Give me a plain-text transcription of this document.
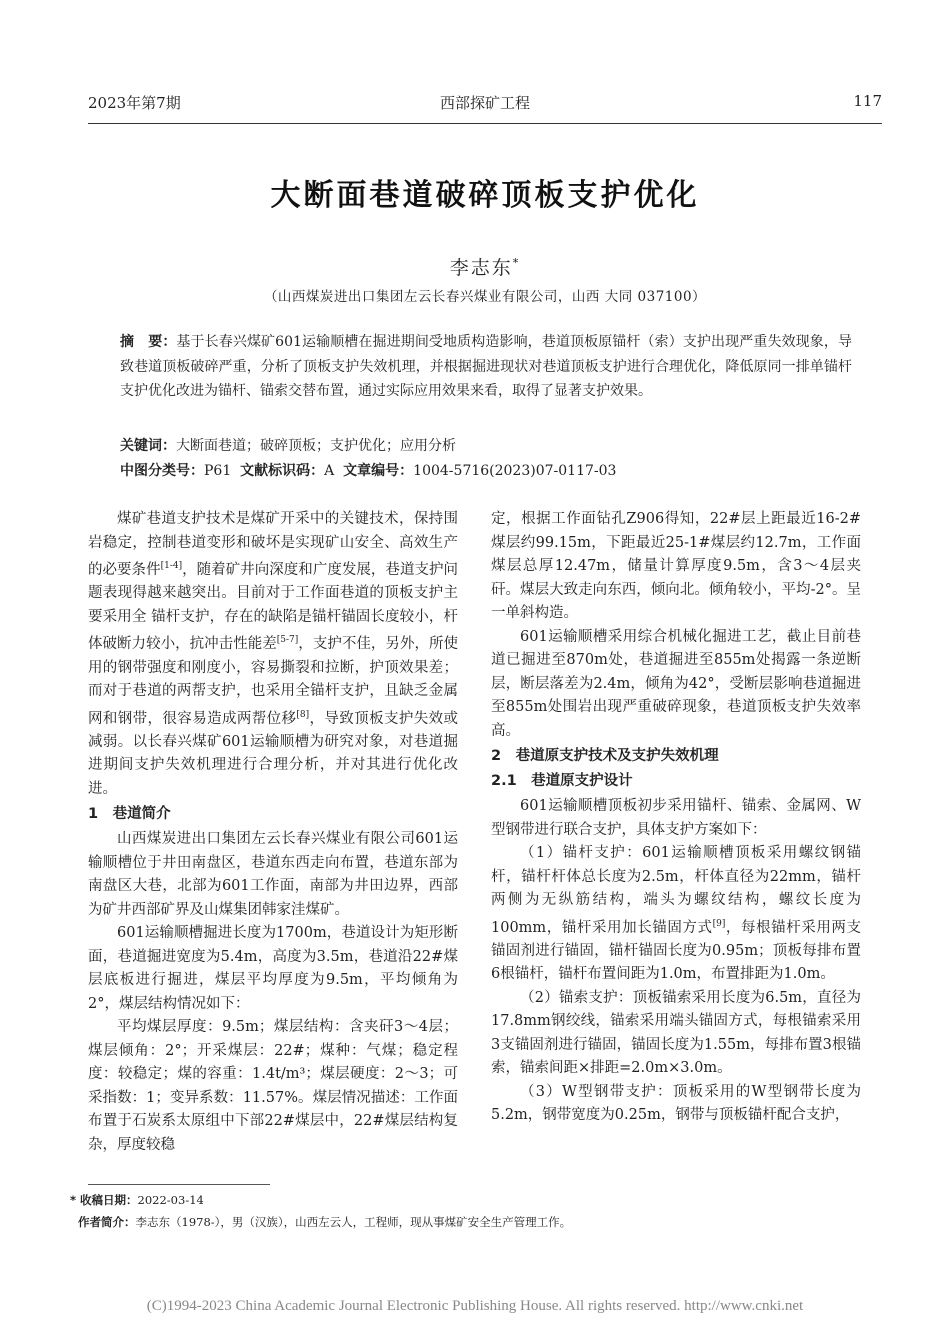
2023年第7期	西部探矿工程	117
大断面巷道破碎顶板支护优化
李志东*
（山西煤炭进出口集团左云长春兴煤业有限公司，山西 大同 037100）
摘　要：基于长春兴煤矿601运输顺槽在掘进期间受地质构造影响，巷道顶板原锚杆（索）支护出现严重失效现象，导致巷道顶板破碎严重，分析了顶板支护失效机理，并根据掘进现状对巷道顶板支护进行合理优化，降低原同一排单锚杆支护优化改进为锚杆、锚索交替布置，通过实际应用效果来看，取得了显著支护效果。
关键词：大断面巷道；破碎顶板；支护优化；应用分析
中图分类号：P61 文献标识码：A 文章编号：1004-5716(2023)07-0117-03

煤矿巷道支护技术是煤矿开采中的关键技术，保持围岩稳定，控制巷道变形和破坏是实现矿山安全、高效生产的必要条件[1-4]，随着矿井向深度和广度发展，巷道支护问题表现得越来越突出。目前对于工作面巷道的顶板支护主要采用全 锚杆支护，存在的缺陷是锚杆锚固长度较小，杆体破断力较小，抗冲击性能差[5-7]，支护不佳，另外，所使用的钢带强度和刚度小，容易撕裂和拉断，护顶效果差；而对于巷道的两帮支护，也采用全锚杆支护，且缺乏金属网和钢带，很容易造成两帮位移[8]，导致顶板支护失效或减弱。以长春兴煤矿601运输顺槽为研究对象，对巷道掘进期间支护失效机理进行合理分析，并对其进行优化改进。

1　巷道简介

山西煤炭进出口集团左云长春兴煤业有限公司601运输顺槽位于井田南盘区，巷道东西走向布置，巷道东部为南盘区大巷，北部为601工作面，南部为井田边界，西部为矿井西部矿界及山煤集团韩家洼煤矿。

601运输顺槽掘进长度为1700m，巷道设计为矩形断面，巷道掘进宽度为5.4m，高度为3.5m，巷道沿22#煤层底板进行掘进，煤层平均厚度为9.5m，平均倾角为2°，煤层结构情况如下：

平均煤层厚度：9.5m；煤层结构：含夹矸3～4层；煤层倾角：2°；开采煤层：22#；煤种：气煤；稳定程度：较稳定；煤的容重：1.4t/m³；煤层硬度：2～3；可采指数：1；变异系数：11.57%。煤层情况描述：工作面布置于石炭系太原组中下部22#煤层中，22#煤层结构复杂，厚度较稳

定，根据工作面钻孔Z906得知，22#层上距最近16-2#煤层约99.15m，下距最近25-1#煤层约12.7m，工作面煤层总厚12.47m，储量计算厚度9.5m，含3～4层夹矸。煤层大致走向东西，倾向北。倾角较小，平均-2°。呈一单斜构造。

601运输顺槽采用综合机械化掘进工艺，截止目前巷道已掘进至870m处，巷道掘进至855m处揭露一条逆断层，断层落差为2.4m，倾角为42°，受断层影响巷道掘进至855m处围岩出现严重破碎现象，巷道顶板支护失效率高。

2　巷道原支护技术及支护失效机理
2.1　巷道原支护设计

601运输顺槽顶板初步采用锚杆、锚索、金属网、W型钢带进行联合支护，具体支护方案如下：

（1）锚杆支护：601运输顺槽顶板采用螺纹钢锚杆，锚杆杆体总长度为2.5m，杆体直径为22mm，锚杆两侧为无纵筋结构，端头为螺纹结构，螺纹长度为100mm，锚杆采用加长锚固方式[9]，每根锚杆采用两支锚固剂进行锚固，锚杆锚固长度为0.95m；顶板每排布置6根锚杆，锚杆布置间距为1.0m，布置排距为1.0m。

（2）锚索支护：顶板锚索采用长度为6.5m，直径为17.8mm钢绞线，锚索采用端头锚固方式，每根锚索采用3支锚固剂进行锚固，锚固长度为1.55m，每排布置3根锚索，锚索间距×排距=2.0m×3.0m。

（3）W型钢带支护：顶板采用的W型钢带长度为5.2m，钢带宽度为0.25m，钢带与顶板锚杆配合支护，

* 收稿日期：2022-03-14
作者简介：李志东（1978-），男（汉族），山西左云人，工程师，现从事煤矿安全生产管理工作。
(C)1994-2023 China Academic Journal Electronic Publishing House. All rights reserved. http://www.cnki.net
